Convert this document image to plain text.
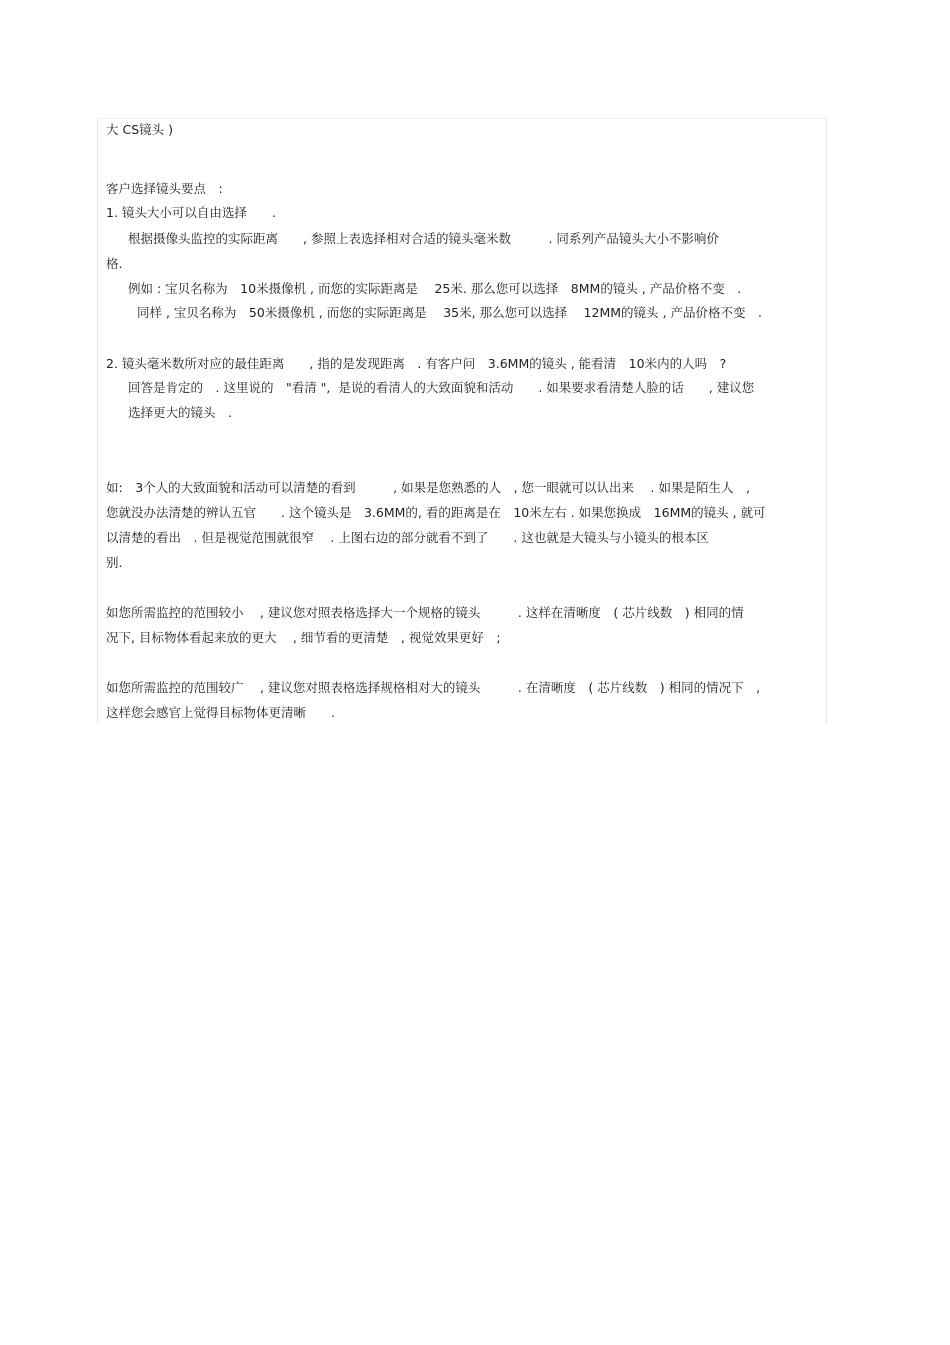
大 CS镜头 )
客户选择镜头要点　:
1. 镜头大小可以自由选择　　.
根据摄像头监控的实际距离　　, 参照上表选择相对合适的镜头毫米数　　　. 同系列产品镜头大小不影响价
格.
例如 : 宝贝名称为　10米摄像机 , 而您的实际距离是　 25米. 那么您可以选择　8MM的镜头 , 产品价格不变　.
同样 , 宝贝名称为　50米摄像机 , 而您的实际距离是　 35米, 那么您可以选择　 12MM的镜头 , 产品价格不变　.
2. 镜头毫米数所对应的最佳距离　　, 指的是发现距离　. 有客户问　3.6MM的镜头 , 能看清　10米内的人吗　?
回答是肯定的　. 这里说的　"看清 ",  是说的看清人的大致面貌和活动　　. 如果要求看清楚人脸的话　　, 建议您
选择更大的镜头　.
如:　3个人的大致面貌和活动可以清楚的看到　　　, 如果是您熟悉的人　, 您一眼就可以认出来　 . 如果是陌生人　,
您就没办法清楚的辨认五官　　. 这个镜头是　3.6MM的, 看的距离是在　10米左右 . 如果您换成　16MM的镜头 , 就可
以清楚的看出　. 但是视觉范围就很窄　 . 上图右边的部分就看不到了　　. 这也就是大镜头与小镜头的根本区
别.
如您所需监控的范围较小　 , 建议您对照表格选择大一个规格的镜头　　　. 这样在清晰度　( 芯片线数　) 相同的情
况下, 目标物体看起来放的更大　 , 细节看的更清楚　, 视觉效果更好　;
如您所需监控的范围较广　 , 建议您对照表格选择规格相对大的镜头　　　. 在清晰度　( 芯片线数　) 相同的情况下　,
这样您会感官上觉得目标物体更清晰　　.
